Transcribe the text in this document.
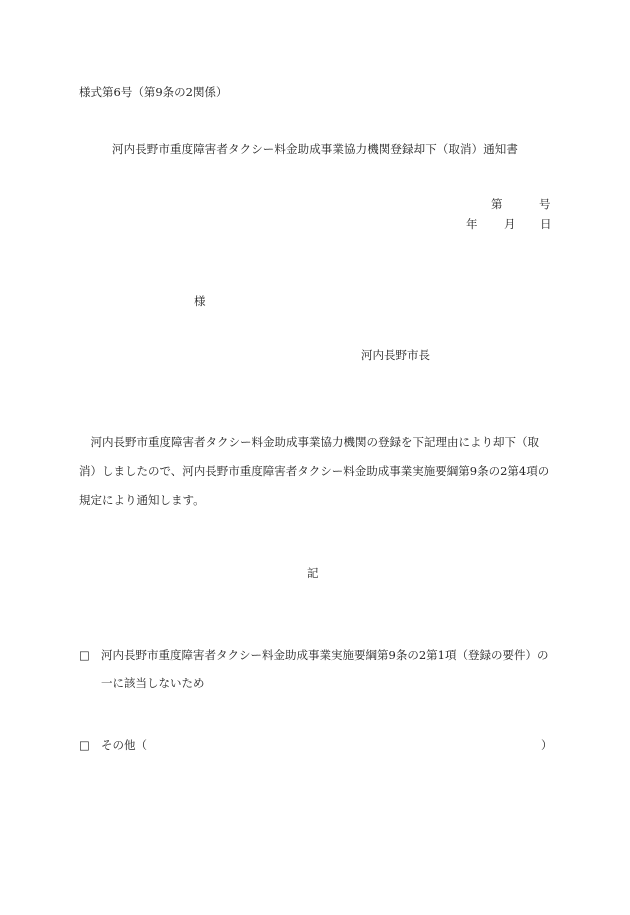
様式第6号（第9条の2関係）
河内長野市重度障害者タクシー料金助成事業協力機関登録却下（取消）通知書
第	号
年 月 日
様
河内長野市長

　河内長野市重度障害者タクシー料金助成事業協力機関の登録を下記理由により却下（取

消）しましたので、河内長野市重度障害者タクシー料金助成事業実施要綱第9条の2第4項の

規定により通知します。

記
□ 河内長野市重度障害者タクシー料金助成事業実施要綱第9条の2第1項（登録の要件）の
一に該当しないため
□ その他（	）
